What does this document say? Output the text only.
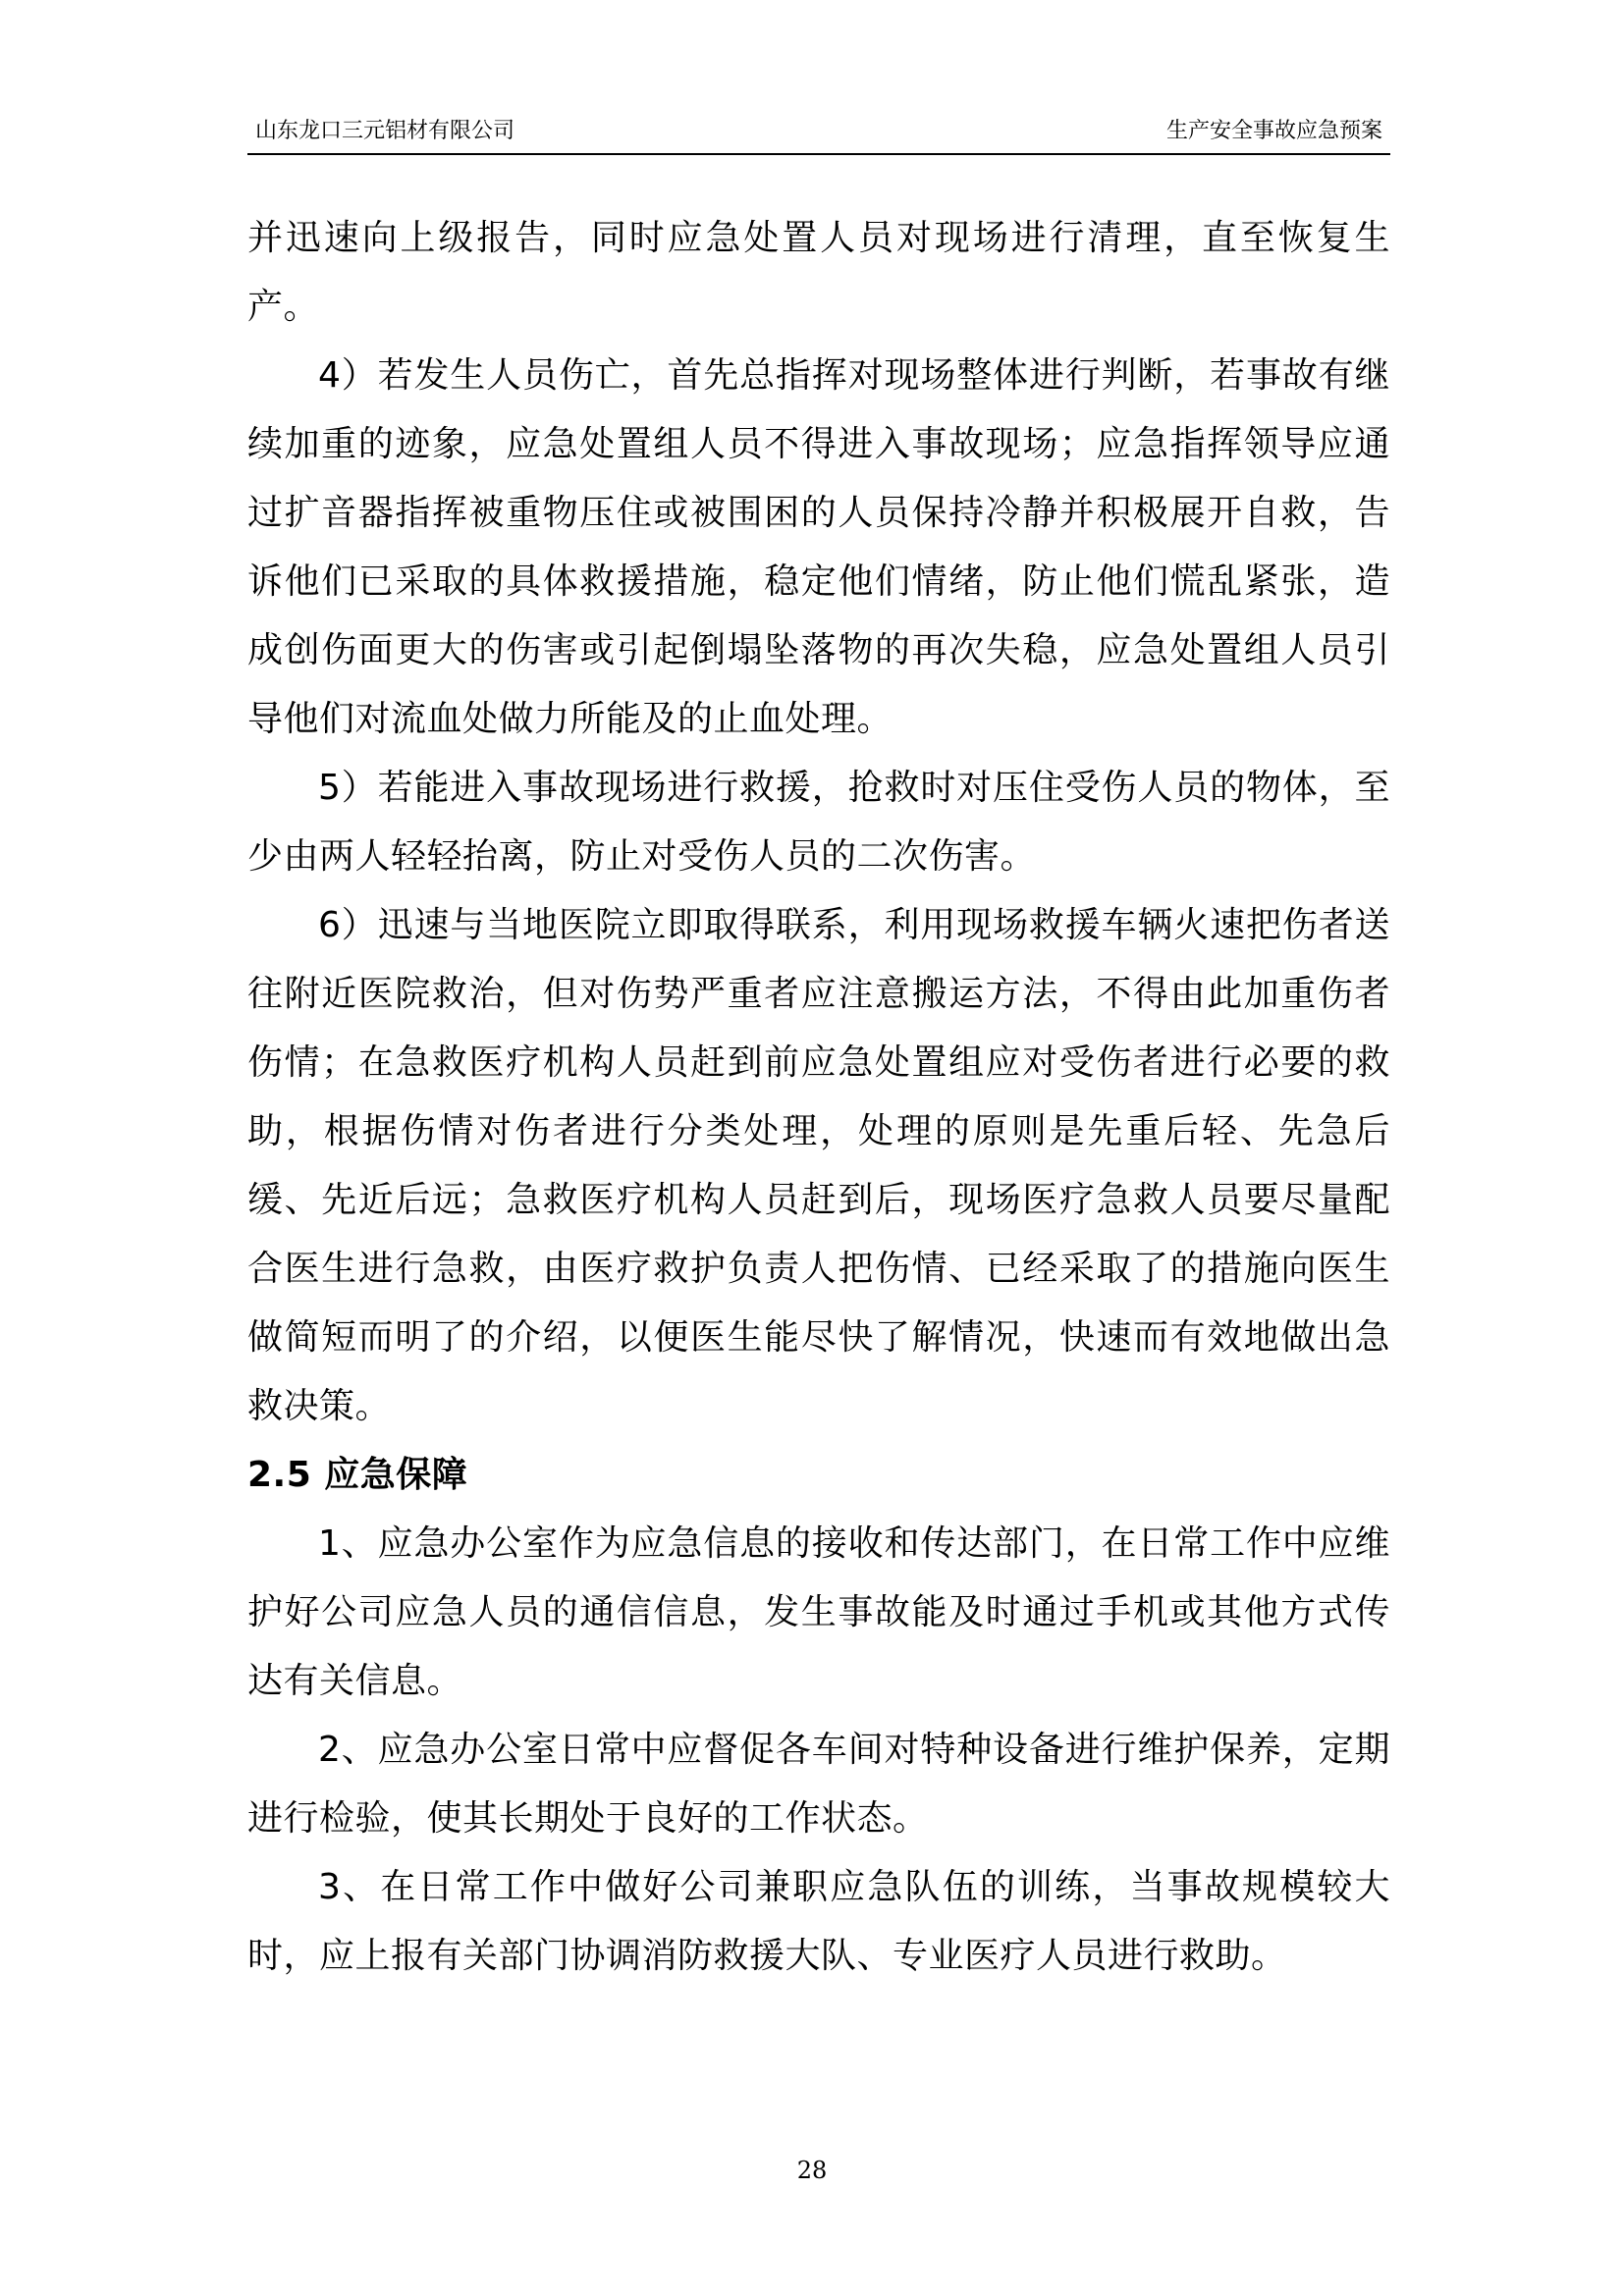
山东龙口三元铝材有限公司	生产安全事故应急预案

并迅速向上级报告，同时应急处置人员对现场进行清理，直至恢复生产。

4）若发生人员伤亡，首先总指挥对现场整体进行判断，若事故有继续加重的迹象，应急处置组人员不得进入事故现场；应急指挥领导应通过扩音器指挥被重物压住或被围困的人员保持冷静并积极展开自救，告诉他们已采取的具体救援措施，稳定他们情绪，防止他们慌乱紧张，造成创伤面更大的伤害或引起倒塌坠落物的再次失稳，应急处置组人员引导他们对流血处做力所能及的止血处理。

5）若能进入事故现场进行救援，抢救时对压住受伤人员的物体，至少由两人轻轻抬离，防止对受伤人员的二次伤害。

6）迅速与当地医院立即取得联系，利用现场救援车辆火速把伤者送往附近医院救治，但对伤势严重者应注意搬运方法，不得由此加重伤者伤情；在急救医疗机构人员赶到前应急处置组应对受伤者进行必要的救助，根据伤情对伤者进行分类处理，处理的原则是先重后轻、先急后缓、先近后远；急救医疗机构人员赶到后，现场医疗急救人员要尽量配合医生进行急救，由医疗救护负责人把伤情、已经采取了的措施向医生做简短而明了的介绍，以便医生能尽快了解情况，快速而有效地做出急救决策。

2.5 应急保障

1、应急办公室作为应急信息的接收和传达部门，在日常工作中应维护好公司应急人员的通信信息，发生事故能及时通过手机或其他方式传达有关信息。

2、应急办公室日常中应督促各车间对特种设备进行维护保养，定期进行检验，使其长期处于良好的工作状态。

3、在日常工作中做好公司兼职应急队伍的训练，当事故规模较大时，应上报有关部门协调消防救援大队、专业医疗人员进行救助。

28
